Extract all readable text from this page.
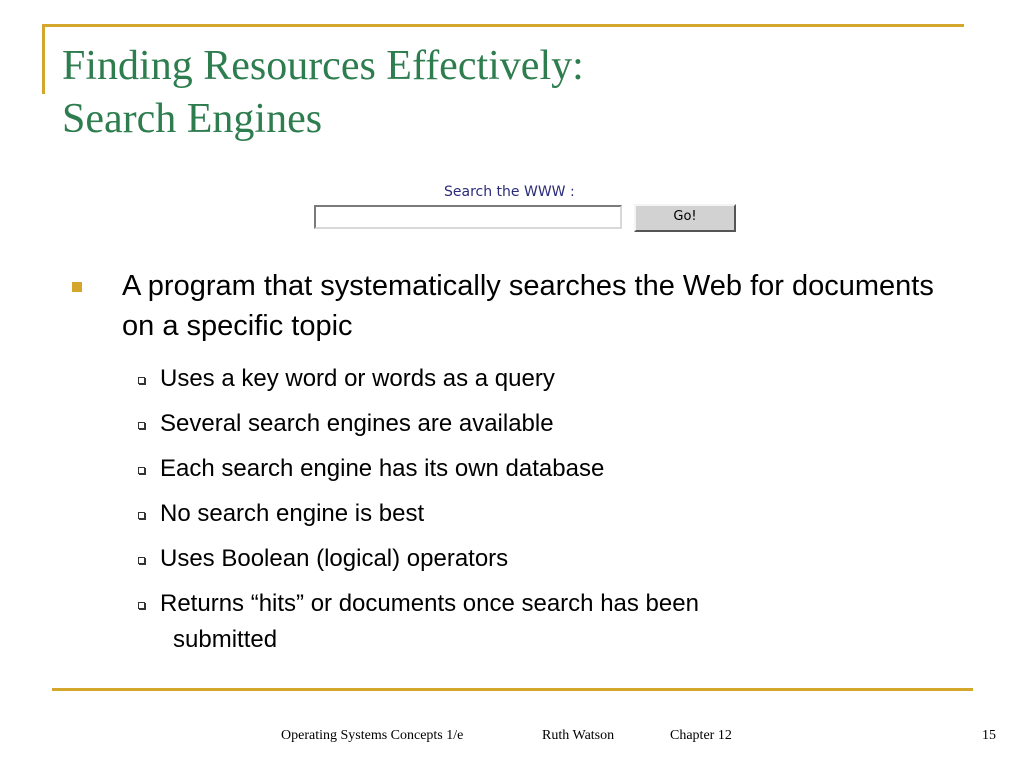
Finding Resources Effectively:
Search Engines
Search the WWW :
Go!
A program that systematically searches the Web for documents on a specific topic
Uses a key word or words as a query
Several search engines are available
Each search engine has its own database
No search engine is best
Uses Boolean (logical) operators
Returns “hits” or documents once search has been
submitted
Operating Systems Concepts 1/e	Ruth Watson	Chapter 12	15
